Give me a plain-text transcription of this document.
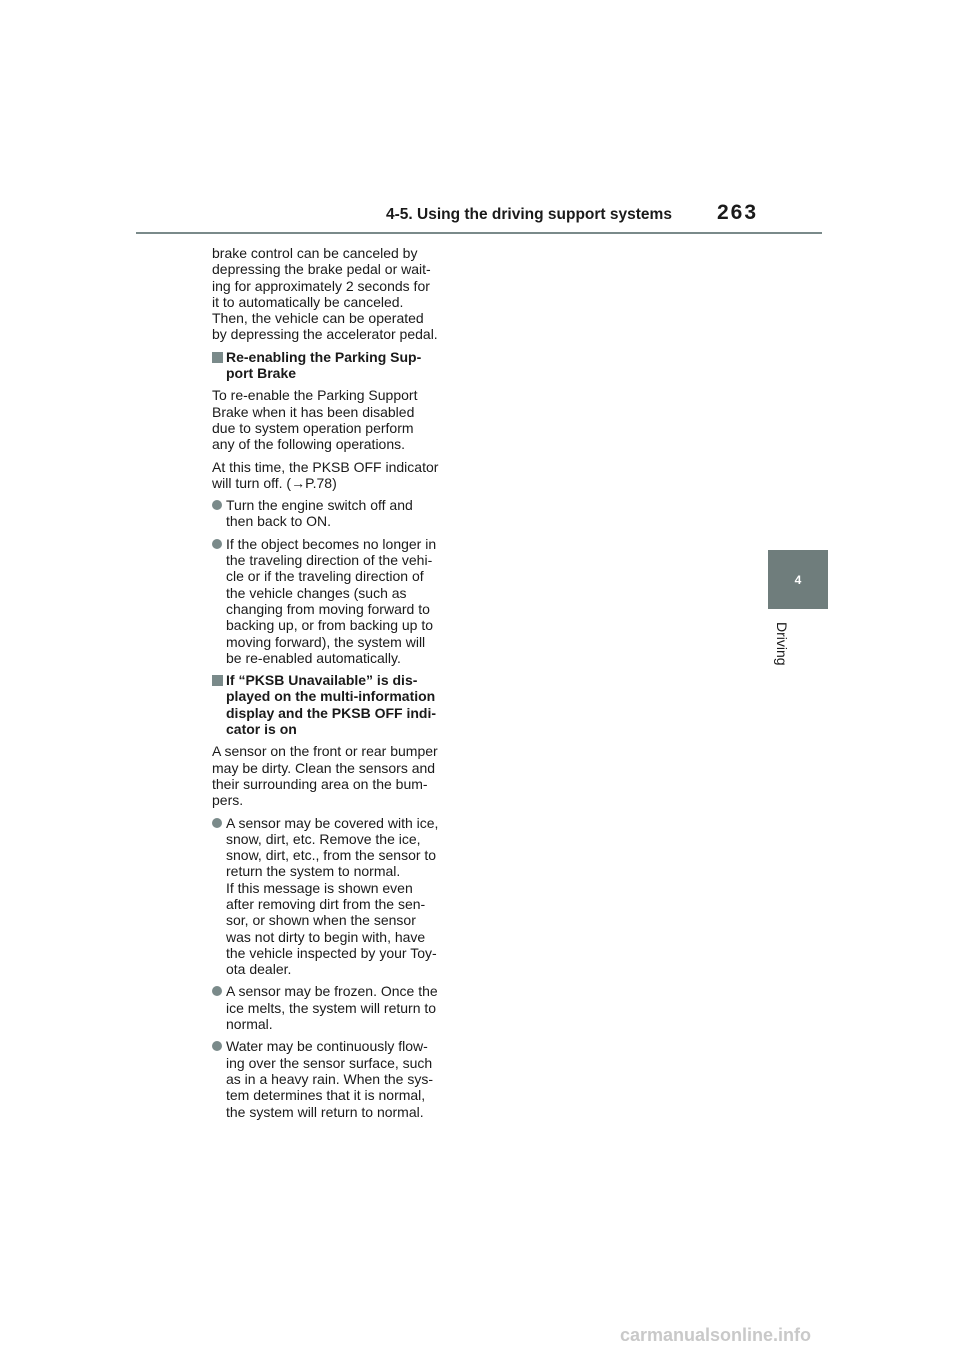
4-5. Using the driving support systems 263
4
Driving

brake control can be canceled by
depressing the brake pedal or wait-
ing for approximately 2 seconds for
it to automatically be canceled.
Then, the vehicle can be operated
by depressing the accelerator pedal.

Re-enabling the Parking Sup-
port Brake

To re-enable the Parking Support
Brake when it has been disabled
due to system operation perform
any of the following operations.

At this time, the PKSB OFF indicator
will turn off. (→P.78)

Turn the engine switch off and
then back to ON.
If the object becomes no longer in
the traveling direction of the vehi-
cle or if the traveling direction of
the vehicle changes (such as
changing from moving forward to
backing up, or from backing up to
moving forward), the system will
be re-enabled automatically.
If “PKSB Unavailable” is dis-
played on the multi-information
display and the PKSB OFF indi-
cator is on

A sensor on the front or rear bumper
may be dirty. Clean the sensors and
their surrounding area on the bum-
pers.

A sensor may be covered with ice,
snow, dirt, etc. Remove the ice,
snow, dirt, etc., from the sensor to
return the system to normal.
If this message is shown even
after removing dirt from the sen-
sor, or shown when the sensor
was not dirty to begin with, have
the vehicle inspected by your Toy-
ota dealer.
A sensor may be frozen. Once the
ice melts, the system will return to
normal.
Water may be continuously flow-
ing over the sensor surface, such
as in a heavy rain. When the sys-
tem determines that it is normal,
the system will return to normal.
carmanualsonline.info
